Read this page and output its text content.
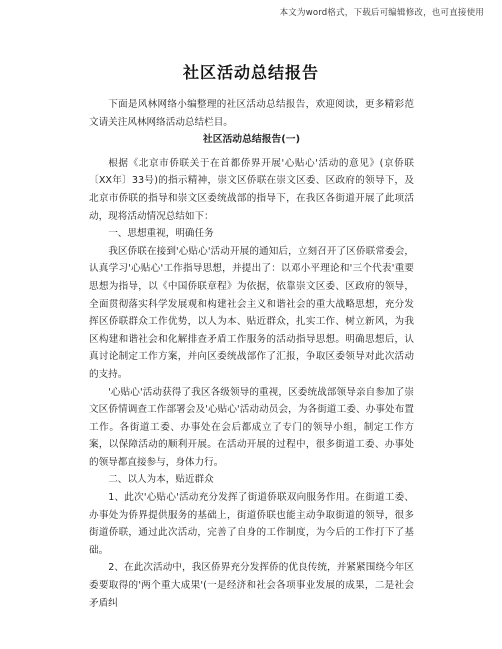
本文为word格式，下载后可编辑修改，也可直接使用
社区活动总结报告

下面是风林网络小编整理的社区活动总结报告，欢迎阅读，更多精彩范文请关注风林网络活动总结栏目。

社区活动总结报告(一)

根据《北京市侨联关于在首都侨界开展'心贴心'活动的意见》(京侨联〔XX年〕33号)的指示精神，崇文区侨联在崇文区委、区政府的领导下，及北京市侨联的指导和崇文区委统战部的指导下，在我区各街道开展了此项活动，现将活动情况总结如下：

一、思想重视，明确任务

我区侨联在接到'心贴心'活动开展的通知后，立刻召开了区侨联常委会，认真学习'心贴心'工作指导思想，并提出了：以邓小平理论和'三个代表'重要思想为指导，以《中国侨联章程》为依据，依靠崇文区委、区政府的领导，全面贯彻落实科学发展观和构建社会主义和谐社会的重大战略思想，充分发挥区侨联群众工作优势，以人为本、贴近群众，扎实工作、树立新风，为我区构建和谐社会和化解排查矛盾工作服务的活动指导思想。明确思想后，认真讨论制定工作方案，并向区委统战部作了汇报，争取区委领导对此次活动的支持。

'心贴心'活动获得了我区各级领导的重视，区委统战部领导亲自参加了崇文区侨情调查工作部署会及'心贴心'活动动员会，为各街道工委、办事处布置工作。各街道工委、办事处在会后都成立了专门的领导小组，制定工作方案，以保障活动的顺利开展。在活动开展的过程中，很多街道工委、办事处的领导都直接参与，身体力行。

二、以人为本，贴近群众

1、此次'心贴心'活动充分发挥了街道侨联双向服务作用。在街道工委、办事处为侨界提供服务的基础上，街道侨联也能主动争取街道的领导，很多街道侨联，通过此次活动，完善了自身的工作制度，为今后的工作打下了基础。

2、在此次活动中，我区侨界充分发挥侨的优良传统，并紧紧围绕今年区委要取得的'两个重大成果'(一是经济和社会各项事业发展的成果，二是社会矛盾纠
